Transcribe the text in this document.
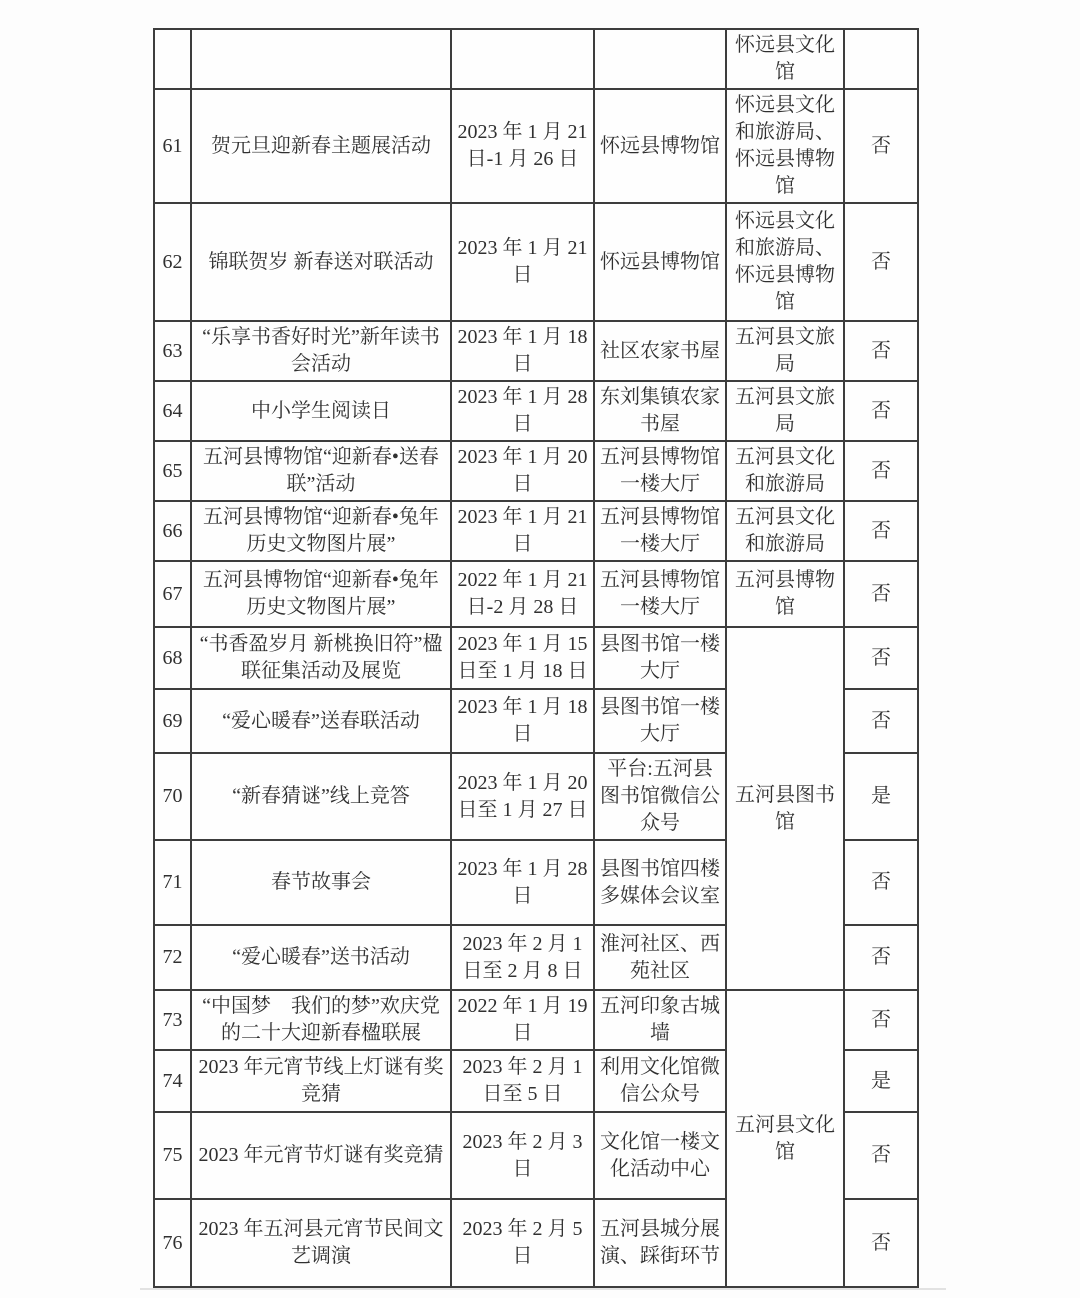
				怀远县文化馆	
61	贺元旦迎新春主题展活动	2023 年 1 月 21 日-1 月 26 日	怀远县博物馆	怀远县文化和旅游局、怀远县博物馆	否
62	锦联贺岁 新春送对联活动	2023 年 1 月 21 日	怀远县博物馆	怀远县文化和旅游局、怀远县博物馆	否
63	“乐享书香好时光”新年读书会活动	2023 年 1 月 18 日	社区农家书屋	五河县文旅局	否
64	中小学生阅读日	2023 年 1 月 28 日	东刘集镇农家书屋	五河县文旅局	否
65	五河县博物馆“迎新春•送春联”活动	2023 年 1 月 20 日	五河县博物馆一楼大厅	五河县文化和旅游局	否
66	五河县博物馆“迎新春•兔年历史文物图片展”	2023 年 1 月 21 日	五河县博物馆一楼大厅	五河县文化和旅游局	否
67	五河县博物馆“迎新春•兔年历史文物图片展”	2022 年 1 月 21 日-2 月 28 日	五河县博物馆一楼大厅	五河县博物馆	否
68	“书香盈岁月 新桃换旧符”楹联征集活动及展览	2023 年 1 月 15 日至 1 月 18 日	县图书馆一楼大厅	五河县图书馆	否
69	“爱心暖春”送春联活动	2023 年 1 月 18 日	县图书馆一楼大厅		否
70	“新春猜谜”线上竞答	2023 年 1 月 20 日至 1 月 27 日	平台:五河县图书馆微信公众号		是
71	春节故事会	2023 年 1 月 28 日	县图书馆四楼多媒体会议室		否
72	“爱心暖春”送书活动	2023 年 2 月 1 日至 2 月 8 日	淮河社区、西苑社区		否
73	“中国梦　我们的梦”欢庆党的二十大迎新春楹联展	2022 年 1 月 19 日	五河印象古城墙	五河县文化馆	否
74	2023 年元宵节线上灯谜有奖竞猜	2023 年 2 月 1 日至 5 日	利用文化馆微信公众号		是
75	2023 年元宵节灯谜有奖竞猜	2023 年 2 月 3 日	文化馆一楼文化活动中心		否
76	2023 年五河县元宵节民间文艺调演	2023 年 2 月 5 日	五河县城分展演、踩街环节		否
